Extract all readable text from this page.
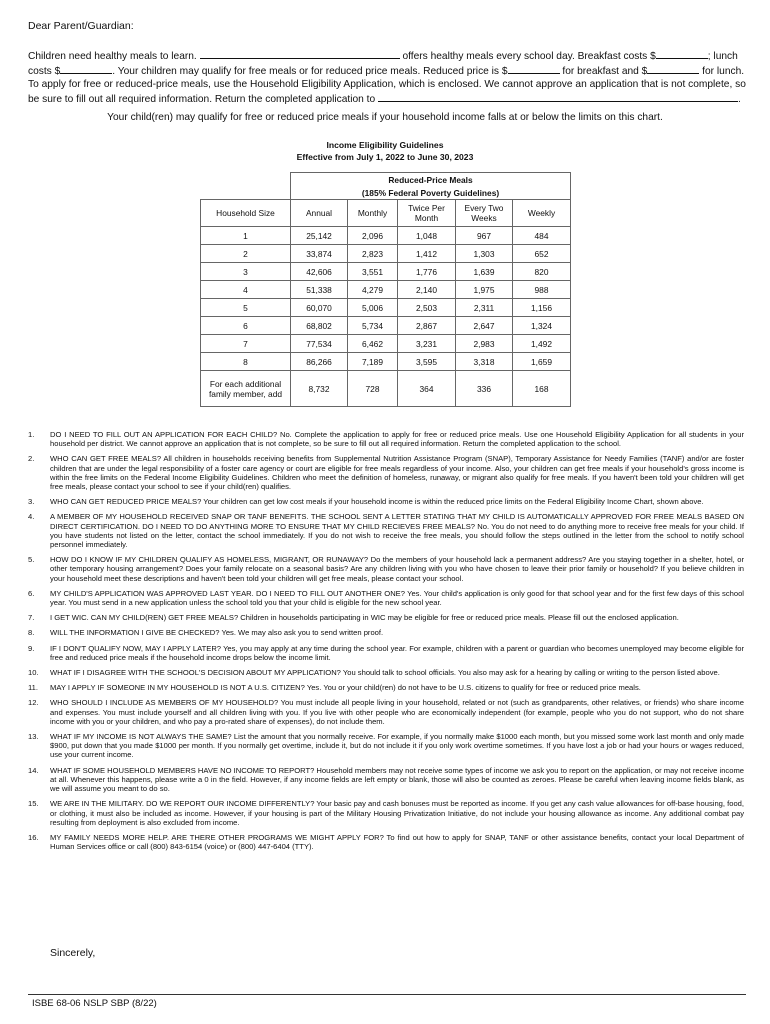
Dear Parent/Guardian:
Children need healthy meals to learn.	offers healthy meals every school day. Breakfast costs $	; lunch costs $	. Your children may qualify for free meals or for reduced price meals. Reduced price is $	for breakfast and $	for lunch. To apply for free or reduced-price meals, use the Household Eligibility Application, which is enclosed. We cannot approve an application that is not complete, so be sure to fill out all required information. Return the completed application to	.
Your child(ren) may qualify for free or reduced price meals if your household income falls at or below the limits on this chart.
Income Eligibility Guidelines
Effective from July 1, 2022 to June 30, 2023
	Reduced-Price Meals				
	(185% Federal Poverty Guidelines)				
Household Size	Annual	Monthly	Twice Per Month	Every Two Weeks	Weekly
1	25,142	2,096	1,048	967	484
2	33,874	2,823	1,412	1,303	652
3	42,606	3,551	1,776	1,639	820
4	51,338	4,279	2,140	1,975	988
5	60,070	5,006	2,503	2,311	1,156
6	68,802	5,734	2,867	2,647	1,324
7	77,534	6,462	3,231	2,983	1,492
8	86,266	7,189	3,595	3,318	1,659
For each additional family member, add	8,732	728	364	336	168
1.	DO I NEED TO FILL OUT AN APPLICATION FOR EACH CHILD? No. Complete the application to apply for free or reduced price meals. Use one Household Eligibility Application for all students in your household per district. We cannot approve an application that is not complete, so be sure to fill out all required information. Return the completed application to the school.
2.	WHO CAN GET FREE MEALS? All children in households receiving benefits from Supplemental Nutrition Assistance Program (SNAP), Temporary Assistance for Needy Families (TANF) and/or are foster children that are under the legal responsibility of a foster care agency or court are eligible for free meals regardless of your income. Also, your children can get free meals if your household's gross income is within the free limits on the Federal Income Eligibility Guidelines. Children who meet the definition of homeless, runaway, or migrant also qualify for free meals. If you haven't been told your children will get free meals, please contact your school to see if your child(ren) qualifies.
3.	WHO CAN GET REDUCED PRICE MEALS? Your children can get low cost meals if your household income is within the reduced price limits on the Federal Eligibility Income Chart, shown above.
4.	A MEMBER OF MY HOUSEHOLD RECEIVED SNAP OR TANF BENEFITS. THE SCHOOL SENT A LETTER STATING THAT MY CHILD IS AUTOMATICALLY APPROVED FOR FREE MEALS BASED ON DIRECT CERTIFICATION. DO I NEED TO DO ANYTHING MORE TO ENSURE THAT MY CHILD RECIEVES FREE MEALS? No. You do not need to do anything more to receive free meals for your child. If you have students not listed on the letter, contact the school immediately. If you do not wish to receive the free meals, you should follow the steps outlined in the letter from the school to notify school personnel immediately.
5.	HOW DO I KNOW IF MY CHILDREN QUALIFY AS HOMELESS, MIGRANT, OR RUNAWAY? Do the members of your household lack a permanent address? Are you staying together in a shelter, hotel, or other temporary housing arrangement? Does your family relocate on a seasonal basis? Are any children living with you who have chosen to leave their prior family or household? If you believe children in your household meet these descriptions and haven't been told your children will get free meals, please contact your school.
6.	MY CHILD'S APPLICATION WAS APPROVED LAST YEAR. DO I NEED TO FILL OUT ANOTHER ONE? Yes. Your child's application is only good for that school year and for the first few days of this school year. You must send in a new application unless the school told you that your child is eligible for the new school year.
7.	I GET WIC. CAN MY CHILD(REN) GET FREE MEALS? Children in households participating in WIC may be eligible for free or reduced price meals. Please fill out the enclosed application.
8.	WILL THE INFORMATION I GIVE BE CHECKED? Yes. We may also ask you to send written proof.
9.	IF I DON'T QUALIFY NOW, MAY I APPLY LATER? Yes, you may apply at any time during the school year. For example, children with a parent or guardian who becomes unemployed may become eligible for free and reduced price meals if the household income drops below the income limit.
10.	WHAT IF I DISAGREE WITH THE SCHOOL'S DECISION ABOUT MY APPLICATION? You should talk to school officials. You also may ask for a hearing by calling or writing to the person listed above.
11.	MAY I APPLY IF SOMEONE IN MY HOUSEHOLD IS NOT A U.S. CITIZEN? Yes. You or your child(ren) do not have to be U.S. citizens to qualify for free or reduced price meals.
12.	WHO SHOULD I INCLUDE AS MEMBERS OF MY HOUSEHOLD? You must include all people living in your household, related or not (such as grandparents, other relatives, or friends) who share income and expenses. You must include yourself and all children living with you. If you live with other people who are economically independent (for example, people who you do not support, who do not share income with you or your children, and who pay a pro-rated share of expenses), do not include them.
13.	WHAT IF MY INCOME IS NOT ALWAYS THE SAME? List the amount that you normally receive. For example, if you normally make $1000 each month, but you missed some work last month and only made $900, put down that you made $1000 per month. If you normally get overtime, include it, but do not include it if you only work overtime sometimes. If you have lost a job or had your hours or wages reduced, use your current income.
14.	WHAT IF SOME HOUSEHOLD MEMBERS HAVE NO INCOME TO REPORT? Household members may not receive some types of income we ask you to report on the application, or may not receive income at all. Whenever this happens, please write a 0 in the field. However, if any income fields are left empty or blank, those will also be counted as zeroes. Please be careful when leaving income fields blank, as we will assume you meant to do so.
15.	WE ARE IN THE MILITARY. DO WE REPORT OUR INCOME DIFFERENTLY? Your basic pay and cash bonuses must be reported as income. If you get any cash value allowances for off-base housing, food, or clothing, it must also be included as income. However, if your housing is part of the Military Housing Privatization Initiative, do not include your housing allowance as income. Any additional combat pay resulting from deployment is also excluded from income.
16.	MY FAMILY NEEDS MORE HELP. ARE THERE OTHER PROGRAMS WE MIGHT APPLY FOR? To find out how to apply for SNAP, TANF or other assistance benefits, contact your local Department of Human Services office or call (800) 843-6154 (voice) or (800) 447-6404 (TTY).
Sincerely,
ISBE 68-06 NSLP SBP (8/22)
